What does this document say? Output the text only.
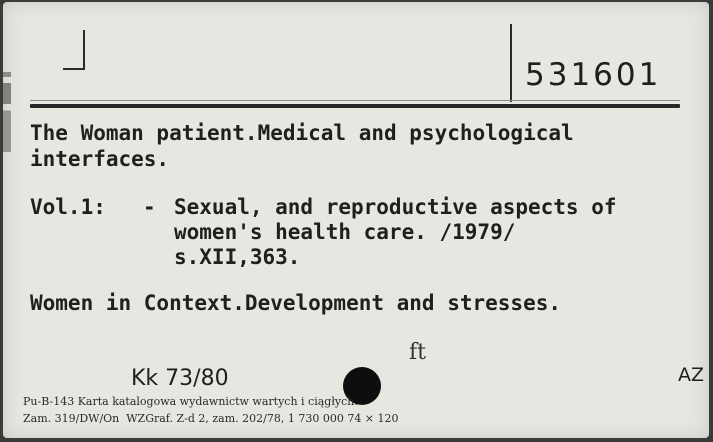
531601
The Woman patient.Medical and psychological
interfaces.
Vol.1: - Sexual, and reproductive aspects of
women's health care. /1979/
s.XII,363.
Women in Context.Development and stresses.
Kk 73/80
ft
AZ
Pu-B-143 Karta katalogowa wydawnictw wartych i ciągłych.
Zam. 319/DW/On  WZGraf. Z-d 2, zam. 202/78, 1 730 000 74 × 120
